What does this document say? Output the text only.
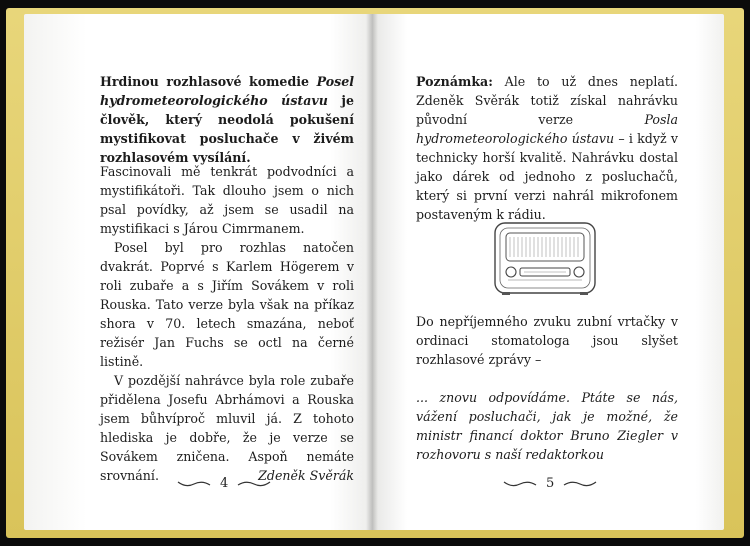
Hrdinou rozhlasové komedie Posel hydrometeorologického ústavu je člověk, který neodolá pokušení mystifikovat posluchače v živém rozhlasovém vysílání.

Fascinovali mě tenkrát podvodníci a mystifikátoři. Tak dlouho jsem o nich psal povídky, až jsem se usadil na mystifikaci s Járou Cimrmanem.

Posel byl pro rozhlas natočen dvakrát. Poprvé s Karlem Högerem v roli zubaře a s Jiřím Sovákem v roli Rouska. Tato verze byla však na příkaz shora v 70. letech smazána, neboť režisér Jan Fuchs se octl na černé listině.

V pozdější nahrávce byla role zubaře přidělena Josefu Abrhámovi a Rouska jsem bůhvíproč mluvil já. Z tohoto hlediska je dobře, že je verze se Sovákem zničena. Aspoň nemáte srovnání.	Zdeněk Svěrák

4

Poznámka: Ale to už dnes neplatí. Zdeněk Svěrák totiž získal nahrávku původní verze Posla hydrometeorologického ústavu – i když v technicky horší kvalitě. Nahrávku dostal jako dárek od jednoho z posluchačů, který si první verzi nahrál mikrofonem postaveným k rádiu.

Do nepříjemného zvuku zubní vrtačky v ordinaci stomatologa jsou slyšet rozhlasové zprávy –

... znovu odpovídáme. Ptáte se nás, vážení posluchači, jak je možné, že ministr financí doktor Bruno Ziegler v rozhovoru s naší redaktorkou

5
